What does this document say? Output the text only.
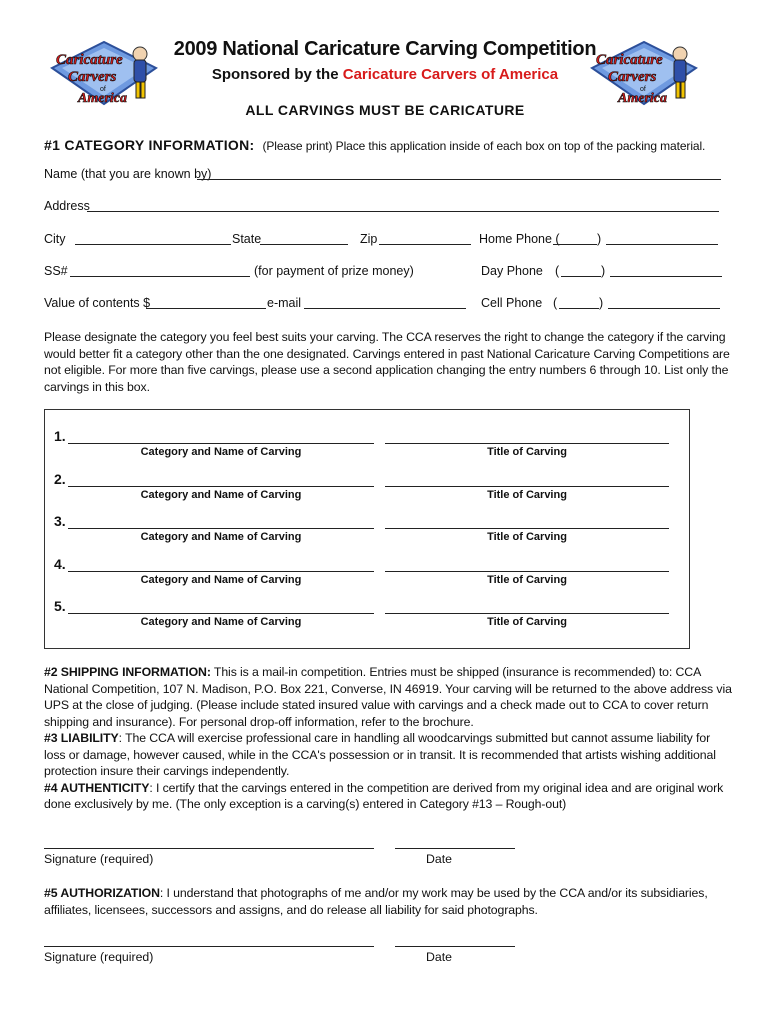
Caricature
Carvers
of
America
Caricature
Carvers
of
America
2009 National Caricature Carving Competition
Sponsored by the Caricature Carvers of America
ALL CARVINGS MUST BE CARICATURE
#1 CATEGORY INFORMATION: (Please print) Place this application inside of each box on top of the packing material.
Name (that you are known by)
Address
City	State	Zip	Home Phone (	)
SS#	(for payment of prize money)	Day Phone (	)
Value of contents $	e-mail	Cell Phone (	)
Please designate the category you feel best suits your carving. The CCA reserves the right to change the category if the carving would better fit a category other than the one designated. Carvings entered in past National Caricature Carving Competitions are not eligible. For more than five carvings, please use a second application changing the entry numbers 6 through 10. List only the carvings in this box.
1.
Category and Name of Carving	Title of Carving
2.
Category and Name of Carving	Title of Carving
3.
Category and Name of Carving	Title of Carving
4.
Category and Name of Carving	Title of Carving
5.
Category and Name of Carving	Title of Carving
#2 SHIPPING INFORMATION: This is a mail-in competition. Entries must be shipped (insurance is recommended) to: CCA National Competition, 107 N. Madison, P.O. Box 221, Converse, IN 46919. Your carving will be returned to the above address via UPS at the close of judging. (Please include stated insured value with carvings and a check made out to CCA to cover return shipping and insurance). For personal drop-off information, refer to the brochure.
#3 LIABILITY: The CCA will exercise professional care in handling all woodcarvings submitted but cannot assume liability for loss or damage, however caused, while in the CCA's possession or in transit. It is recommended that artists wishing additional protection insure their carvings independently.
#4 AUTHENTICITY: I certify that the carvings entered in the competition are derived from my original idea and are original work done exclusively by me. (The only exception is a carving(s) entered in Category #13 – Rough-out)
Signature (required)	Date
#5 AUTHORIZATION: I understand that photographs of me and/or my work may be used by the CCA and/or its subsidiaries, affiliates, licensees, successors and assigns, and do release all liability for said photographs.
Signature (required)	Date
